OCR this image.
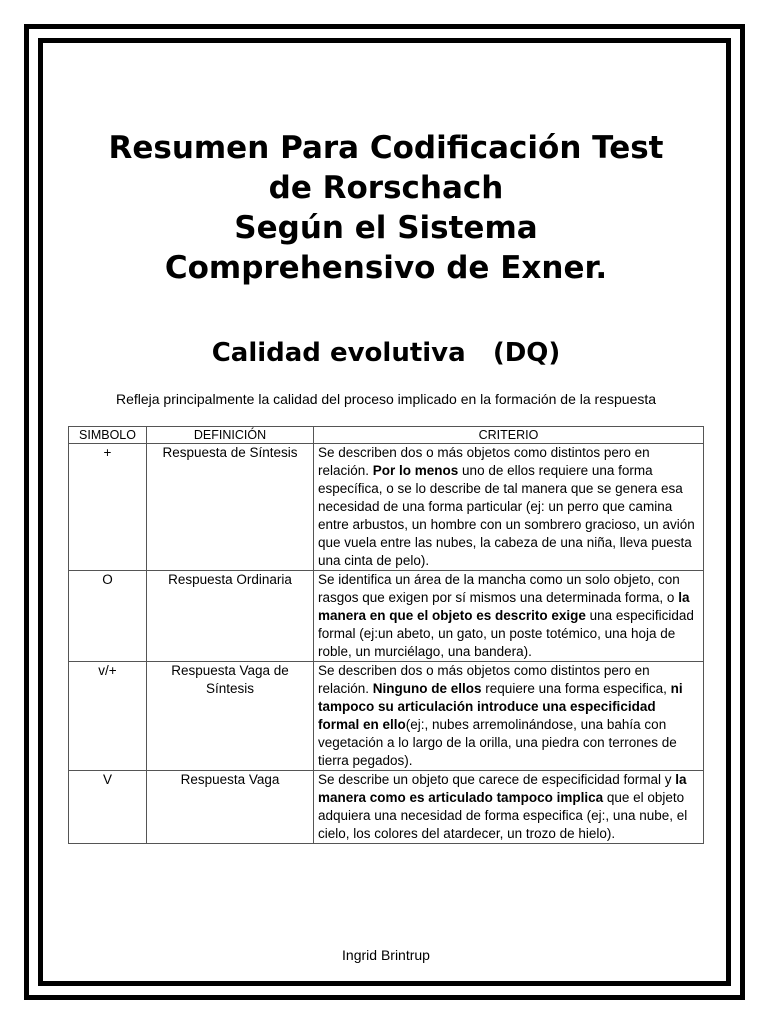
Resumen Para Codificación Test
de Rorschach
Según el Sistema
Comprehensivo de Exner.
Calidad evolutiva   (DQ)

Refleja principalmente la calidad del proceso implicado en la formación de la respuesta

SIMBOLO	DEFINICIÓN	CRITERIO
+	Respuesta de Síntesis	Se describen dos o más objetos como distintos pero en relación. Por lo menos uno de ellos requiere una forma específica, o se lo describe de tal manera que se genera esa necesidad de una forma particular (ej: un perro que camina entre arbustos, un hombre con un sombrero gracioso, un avión que vuela entre las nubes, la cabeza de una niña, lleva puesta una cinta de pelo).
O	Respuesta Ordinaria	Se identifica un área de la mancha como un solo objeto, con rasgos que exigen por sí mismos una determinada forma, o la manera en que el objeto es descrito exige una especificidad formal (ej:un abeto, un gato, un poste totémico, una hoja de roble, un murciélago, una bandera).
v/+	Respuesta Vaga de Síntesis	Se describen dos o más objetos como distintos pero en relación. Ninguno de ellos requiere una forma especifica, ni tampoco su articulación introduce una especificidad formal en ello(ej:, nubes arremolinándose, una bahía con vegetación a lo largo de la orilla, una piedra con terrones de tierra pegados).
V	Respuesta Vaga	Se describe un objeto que carece de especificidad formal y la manera como es articulado tampoco implica que el objeto adquiera una necesidad de forma especifica (ej:, una nube, el cielo, los colores del atardecer, un trozo de hielo).

Ingrid Brintrup
